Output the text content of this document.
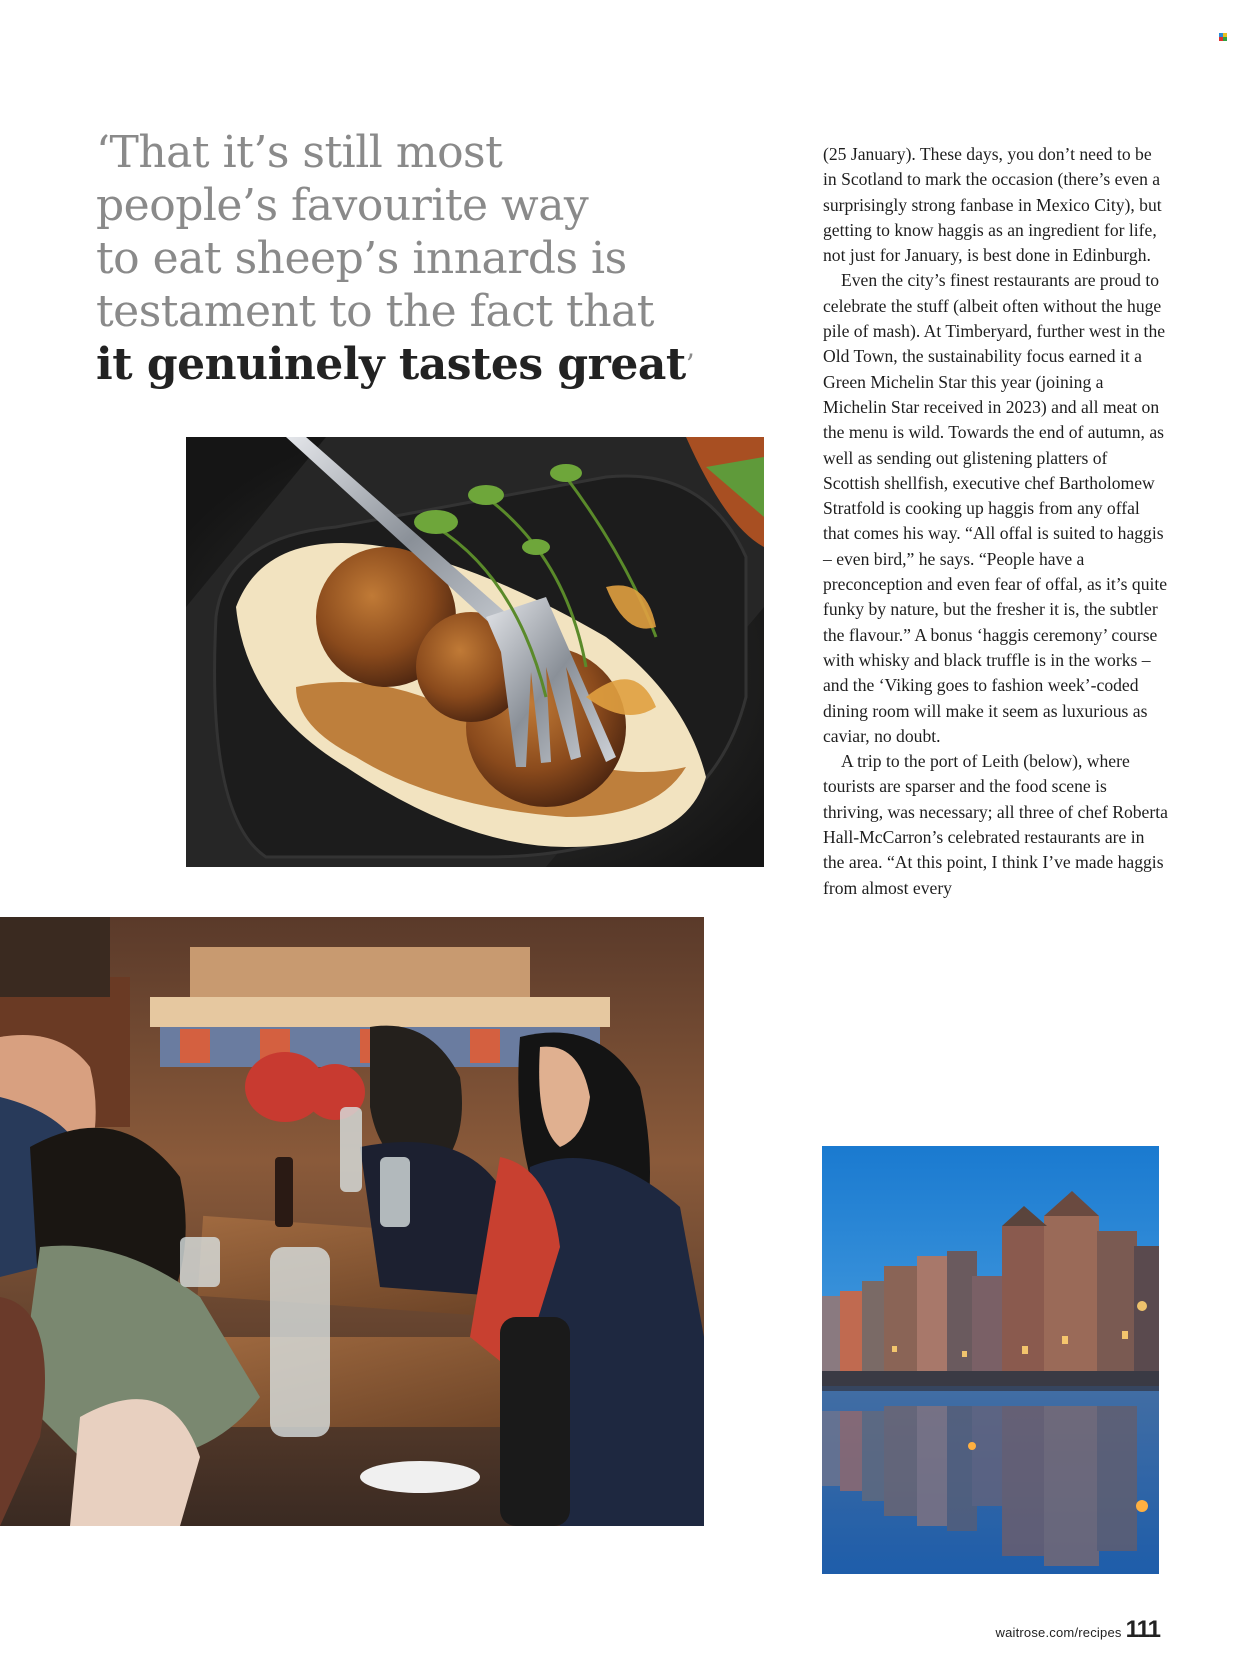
‘That it’s still most
people’s favourite way
to eat sheep’s innards is
testament to the fact that
it genuinely tastes great’

(25 January). These days, you don’t need to be in Scotland to mark the occasion (there’s even a surprisingly strong fanbase in Mexico City), but getting to know haggis as an ingredient for life, not just for January, is best done in Edinburgh.

Even the city’s finest restaurants are proud to celebrate the stuff (albeit often without the huge pile of mash). At Timberyard, further west in the Old Town, the sustainability focus earned it a Green Michelin Star this year (joining a Michelin Star received in 2023) and all meat on the menu is wild. Towards the end of autumn, as well as sending out glistening platters of Scottish shellfish, executive chef Bartholomew Stratfold is cooking up haggis from any offal that comes his way. “All offal is suited to haggis – even bird,” he says. “People have a preconception and even fear of offal, as it’s quite funky by nature, but the fresher it is, the subtler the flavour.” A bonus ‘haggis ceremony’ course with whisky and black truffle is in the works – and the ‘Viking goes to fashion week’-coded dining room will make it seem as luxurious as caviar, no doubt.

A trip to the port of Leith (below), where tourists are sparser and the food scene is thriving, was necessary; all three of chef Roberta Hall-McCarron’s celebrated restaurants are in the area. “At this point, I think I’ve made haggis from almost every

waitrose.com/recipes 111
